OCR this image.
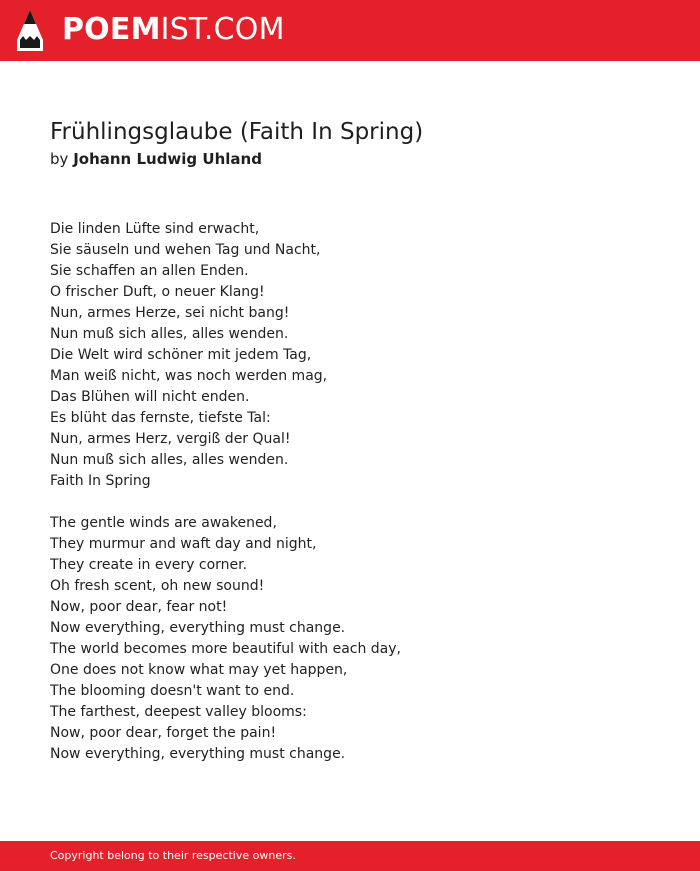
POEMIST.COM
Frühlingsglaube (Faith In Spring)
by Johann Ludwig Uhland
Die linden Lüfte sind erwacht,
Sie säuseln und wehen Tag und Nacht,
Sie schaffen an allen Enden.
O frischer Duft, o neuer Klang!
Nun, armes Herze, sei nicht bang!
Nun muß sich alles, alles wenden.
Die Welt wird schöner mit jedem Tag,
Man weiß nicht, was noch werden mag,
Das Blühen will nicht enden.
Es blüht das fernste, tiefste Tal:
Nun, armes Herz, vergiß der Qual!
Nun muß sich alles, alles wenden.
Faith In Spring
The gentle winds are awakened,
They murmur and waft day and night,
They create in every corner.
Oh fresh scent, oh new sound!
Now, poor dear, fear not!
Now everything, everything must change.
The world becomes more beautiful with each day,
One does not know what may yet happen,
The blooming doesn't want to end.
The farthest, deepest valley blooms:
Now, poor dear, forget the pain!
Now everything, everything must change.
Copyright belong to their respective owners.
